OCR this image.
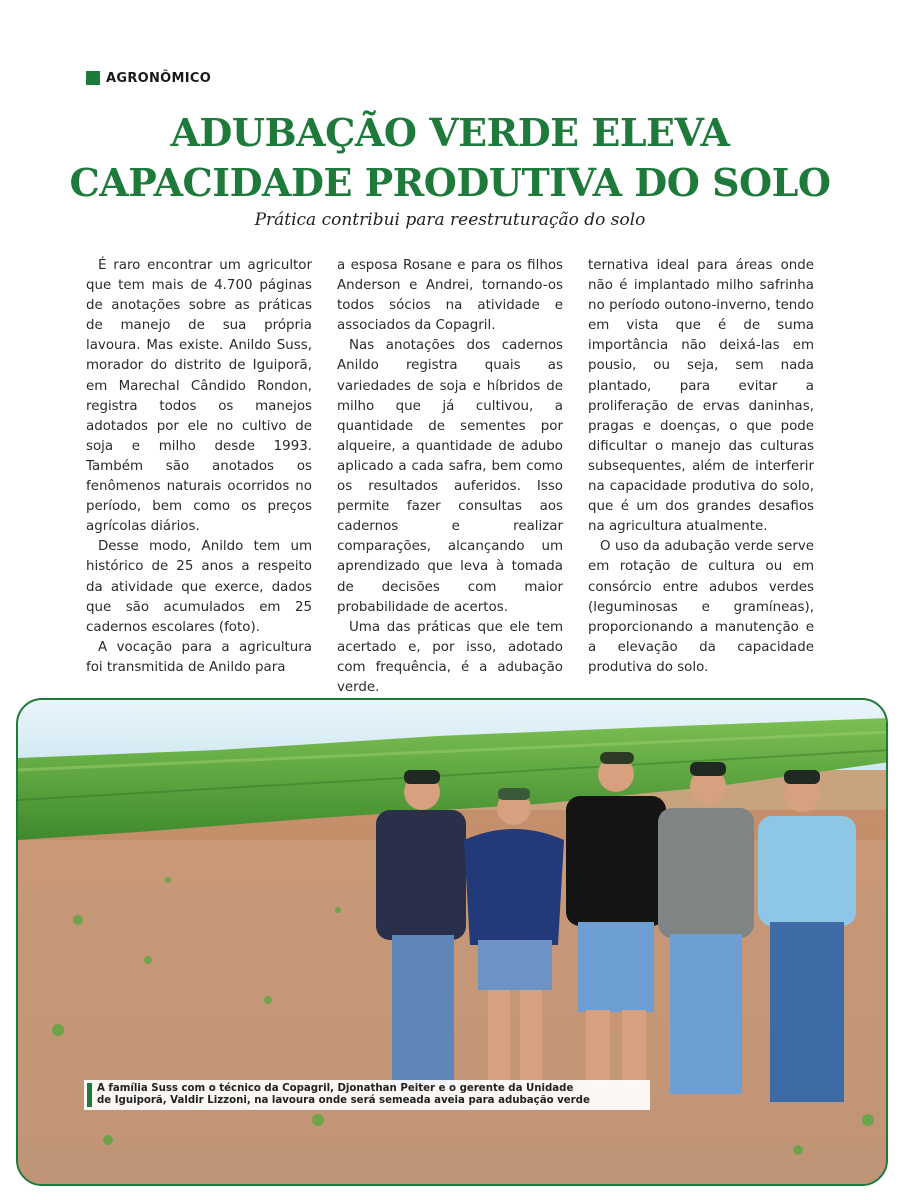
AGRONÔMICO
ADUBAÇÃO VERDE ELEVA
CAPACIDADE PRODUTIVA DO SOLO
Prática contribui para reestruturação do solo

É raro encontrar um agricultor que tem mais de 4.700 páginas de anotações sobre as práticas de manejo de sua própria lavoura. Mas existe. Anildo Suss, morador do distrito de Iguiporã, em Marechal Cândido Rondon, registra todos os manejos adotados por ele no cultivo de soja e milho desde 1993. Também são anotados os fenômenos naturais ocorridos no período, bem como os preços agrícolas diários.

Desse modo, Anildo tem um histórico de 25 anos a respeito da atividade que exerce, dados que são acumulados em 25 cadernos escolares (foto).

A vocação para a agricultura foi transmitida de Anildo para

a esposa Rosane e para os filhos Anderson e Andrei, tornando-os todos sócios na atividade e associados da Copagril.

Nas anotações dos cadernos Anildo registra quais as variedades de soja e híbridos de milho que já cultivou, a quantidade de sementes por alqueire, a quantidade de adubo aplicado a cada safra, bem como os resultados auferidos. Isso permite fazer consultas aos cadernos e realizar comparações, alcançando um aprendizado que leva à tomada de decisões com maior probabilidade de acertos.

Uma das práticas que ele tem acertado e, por isso, adotado com frequência, é a adubação verde.

ternativa ideal para áreas onde não é implantado milho safrinha no período outono-inverno, tendo em vista que é de suma importância não deixá-las em pousio, ou seja, sem nada plantado, para evitar a proliferação de ervas daninhas, pragas e doenças, o que pode dificultar o manejo das culturas subsequentes, além de interferir na capacidade produtiva do solo, que é um dos grandes desafios na agricultura atualmente.

O uso da adubação verde serve em rotação de cultura ou em consórcio entre adubos verdes (leguminosas e gramíneas), proporcionando a manutenção e a elevação da capacidade produtiva do solo.

A família Suss com o técnico da Copagril, Djonathan Peiter e o gerente da Unidade
de Iguiporã, Valdir Lizzoni, na lavoura onde será semeada aveia para adubação verde
